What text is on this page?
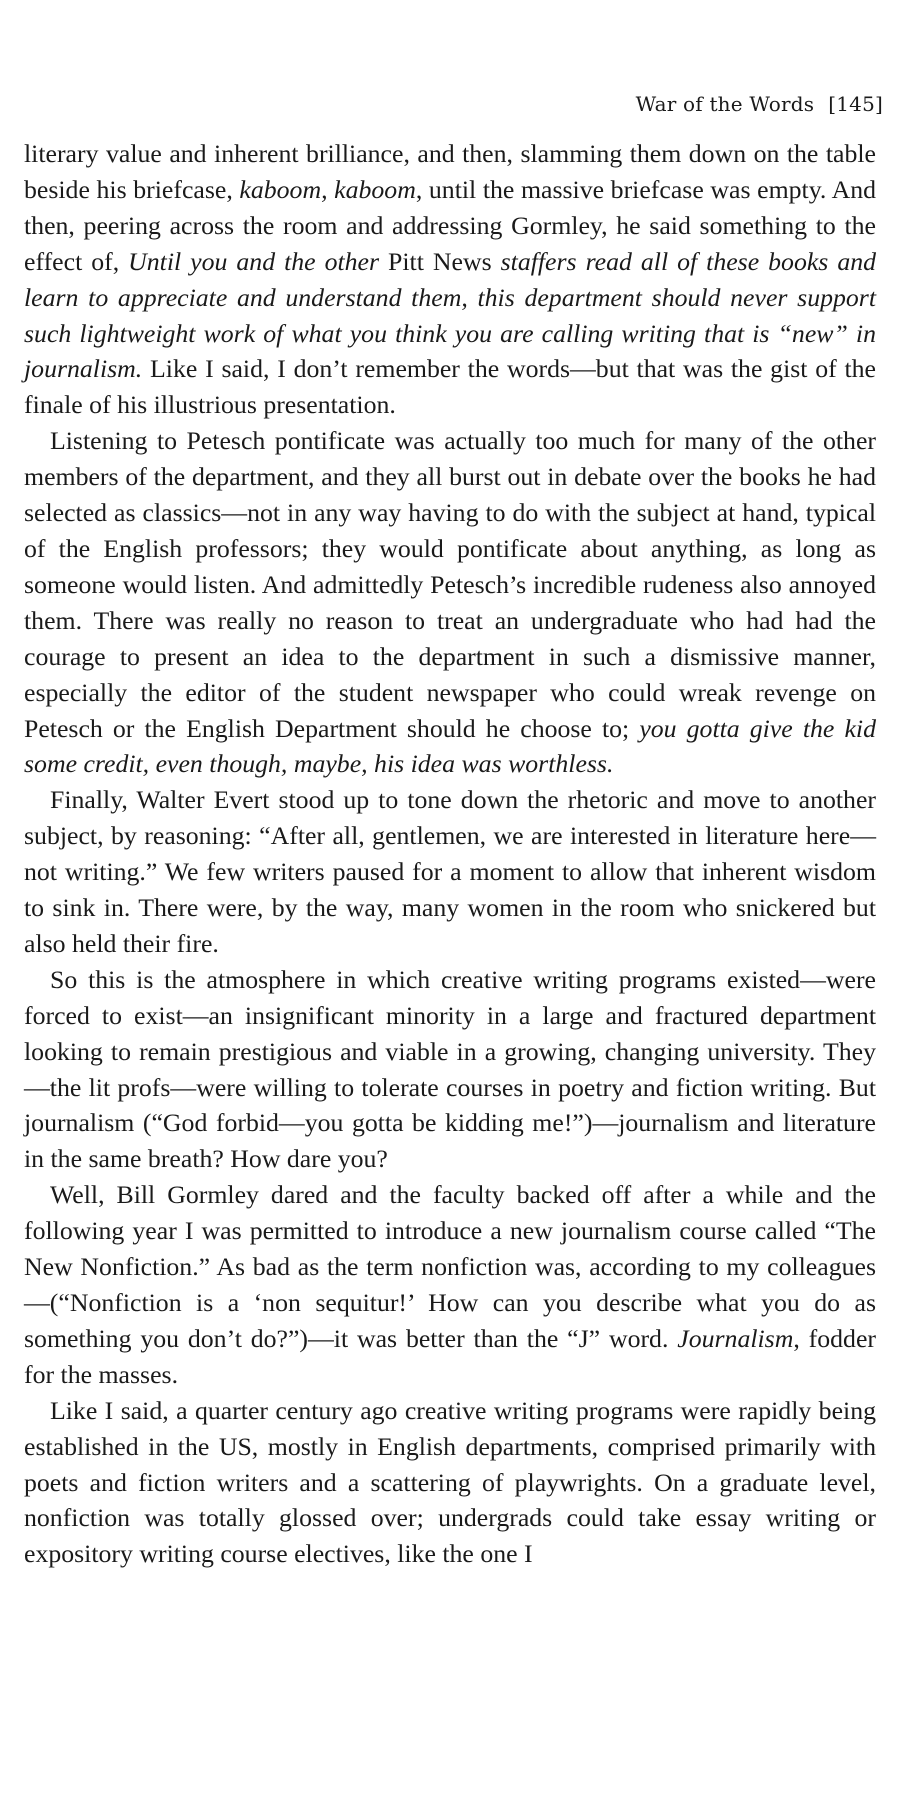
War of the Words [145]

literary value and inherent brilliance, and then, slamming them down on the table beside his briefcase, kaboom, kaboom, until the massive briefcase was empty. And then, peering across the room and addressing Gormley, he said something to the effect of, Until you and the other Pitt News staffers read all of these books and learn to appreciate and understand them, this department should never support such lightweight work of what you think you are calling writing that is “new” in journalism. Like I said, I don’t remember the words—but that was the gist of the finale of his illustrious presentation.

Listening to Petesch pontificate was actually too much for many of the other members of the department, and they all burst out in debate over the books he had selected as classics—not in any way having to do with the subject at hand, typical of the English professors; they would pontificate about anything, as long as someone would listen. And admittedly Petesch’s incredible rudeness also annoyed them. There was really no reason to treat an undergraduate who had had the courage to present an idea to the department in such a dismissive manner, especially the editor of the student newspaper who could wreak revenge on Petesch or the English Department should he choose to; you gotta give the kid some credit, even though, maybe, his idea was worthless.

Finally, Walter Evert stood up to tone down the rhetoric and move to another subject, by reasoning: “After all, gentlemen, we are interested in literature here—not writing.” We few writers paused for a moment to allow that inherent wisdom to sink in. There were, by the way, many women in the room who snickered but also held their fire.

So this is the atmosphere in which creative writing programs existed—were forced to exist—an insignificant minority in a large and fractured department looking to remain prestigious and viable in a growing, changing university. They—the lit profs—were willing to tolerate courses in poetry and fiction writing. But journalism (“God forbid—you gotta be kidding me!”)—journalism and literature in the same breath? How dare you?

Well, Bill Gormley dared and the faculty backed off after a while and the following year I was permitted to introduce a new journalism course called “The New Nonfiction.” As bad as the term nonfiction was, according to my colleagues—(“Nonfiction is a ‘non sequitur!’ How can you describe what you do as something you don’t do?”)—it was better than the “J” word. Journalism, fodder for the masses.

Like I said, a quarter century ago creative writing programs were rapidly being established in the US, mostly in English departments, comprised primarily with poets and fiction writers and a scattering of playwrights. On a graduate level, nonfiction was totally glossed over; undergrads could take essay writing or expository writing course electives, like the one I
